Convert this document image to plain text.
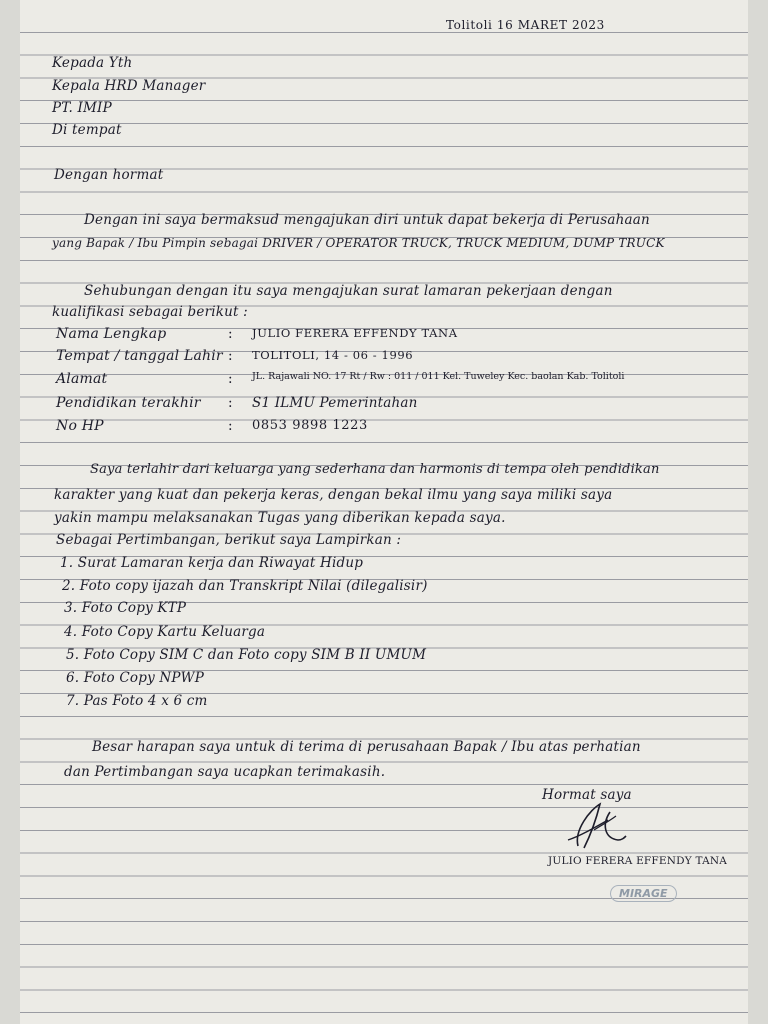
Tolitoli 16 MARET 2023
Kepada Yth
Kepala HRD Manager
PT. IMIP
Di tempat
Dengan hormat
Dengan ini saya bermaksud mengajukan diri untuk dapat bekerja di Perusahaan
yang Bapak / Ibu Pimpin sebagai DRIVER / OPERATOR TRUCK, TRUCK MEDIUM, DUMP TRUCK
Sehubungan dengan itu saya mengajukan surat lamaran pekerjaan dengan
kualifikasi sebagai berikut :
Nama Lengkap	: JULIO FERERA EFFENDY TANA
Tempat / tanggal Lahir : TOLITOLI, 14 - 06 - 1996
Alamat	: JL. Rajawali NO. 17 Rt / Rw : 011 / 011 Kel. Tuweley Kec. baolan Kab. Tolitoli
Pendidikan terakhir : S1 ILMU Pemerintahan
No HP	: 0853 9898 1223
Saya terlahir dari keluarga yang sederhana dan harmonis di tempa oleh pendidikan
karakter yang kuat dan pekerja keras, dengan bekal ilmu yang saya miliki saya
yakin mampu melaksanakan Tugas yang diberikan kepada saya.
Sebagai Pertimbangan, berikut saya Lampirkan :
1. Surat Lamaran kerja dan Riwayat Hidup
2. Foto copy ijazah dan Transkript Nilai (dilegalisir)
3. Foto Copy KTP
4. Foto Copy Kartu Keluarga
5. Foto Copy SIM C dan Foto copy SIM B II UMUM
6. Foto Copy NPWP
7. Pas Foto 4 x 6 cm
Besar harapan saya untuk di terima di perusahaan Bapak / Ibu atas perhatian
dan Pertimbangan saya ucapkan terimakasih.
Hormat saya
JULIO FERERA EFFENDY TANA
MIRAGE
